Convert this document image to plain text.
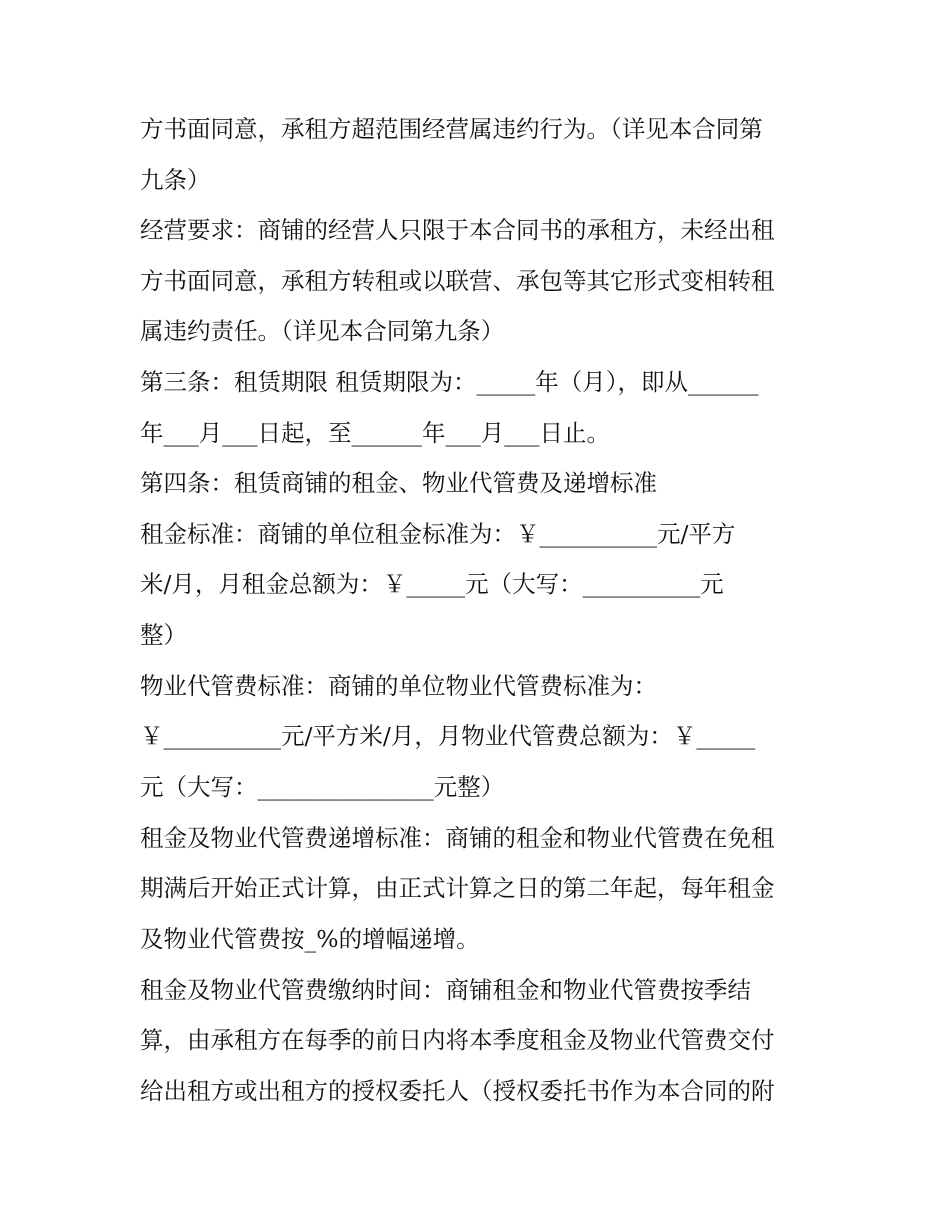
方书面同意，承租方超范围经营属违约行为。（详见本合同第
九条）
经营要求：商铺的经营人只限于本合同书的承租方，未经出租
方书面同意，承租方转租或以联营、承包等其它形式变相转租
属违约责任。（详见本合同第九条）
第三条：租赁期限 租赁期限为：_____年（月），即从______
年___月___日起，至______年___月___日止。
第四条：租赁商铺的租金、物业代管费及递增标准
租金标准：商铺的单位租金标准为：￥__________元/平方
米/月，月租金总额为：￥_____元（大写：__________元
整）
物业代管费标准：商铺的单位物业代管费标准为：
￥__________元/平方米/月，月物业代管费总额为：￥_____
元（大写：_______________元整）
租金及物业代管费递增标准：商铺的租金和物业代管费在免租
期满后开始正式计算，由正式计算之日的第二年起，每年租金
及物业代管费按_%的增幅递增。
租金及物业代管费缴纳时间：商铺租金和物业代管费按季结
算，由承租方在每季的前日内将本季度租金及物业代管费交付
给出租方或出租方的授权委托人（授权委托书作为本合同的附
